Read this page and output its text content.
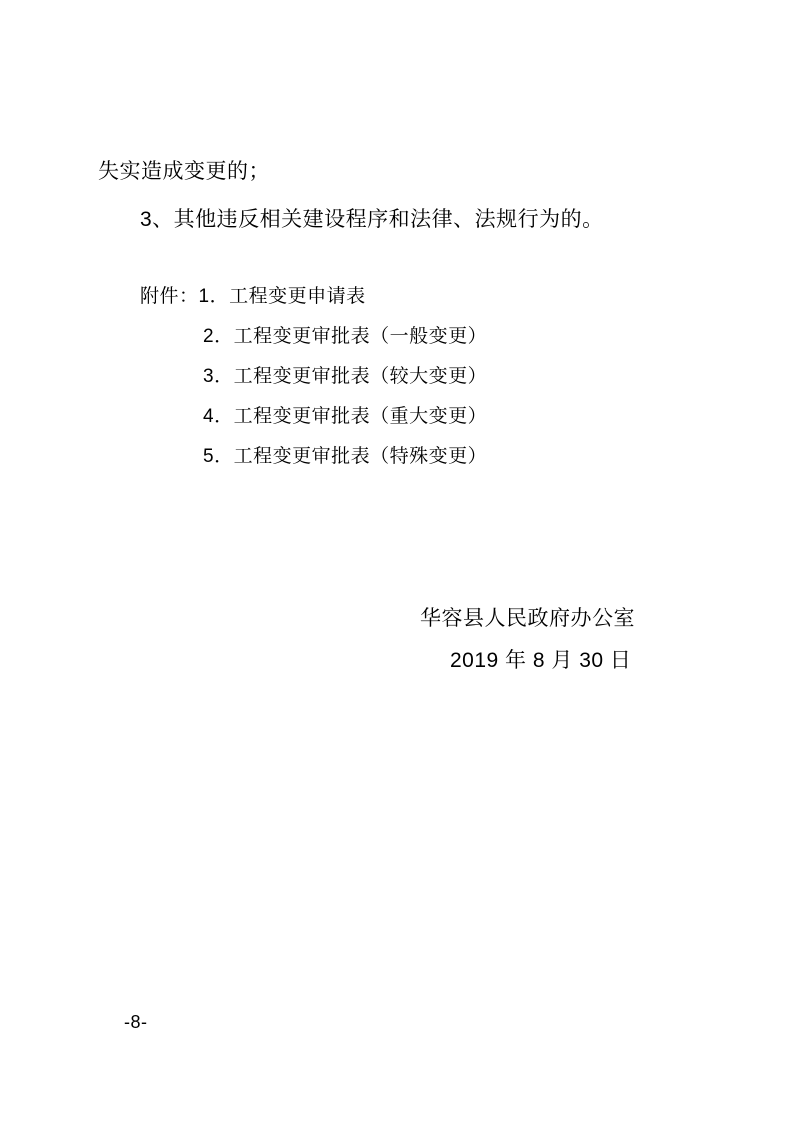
失实造成变更的；
3、其他违反相关建设程序和法律、法规行为的。
附件：1．工程变更申请表
2．工程变更审批表（一般变更）
3．工程变更审批表（较大变更）
4．工程变更审批表（重大变更）
5．工程变更审批表（特殊变更）
华容县人民政府办公室
2019 年 8 月 30 日
-8-
